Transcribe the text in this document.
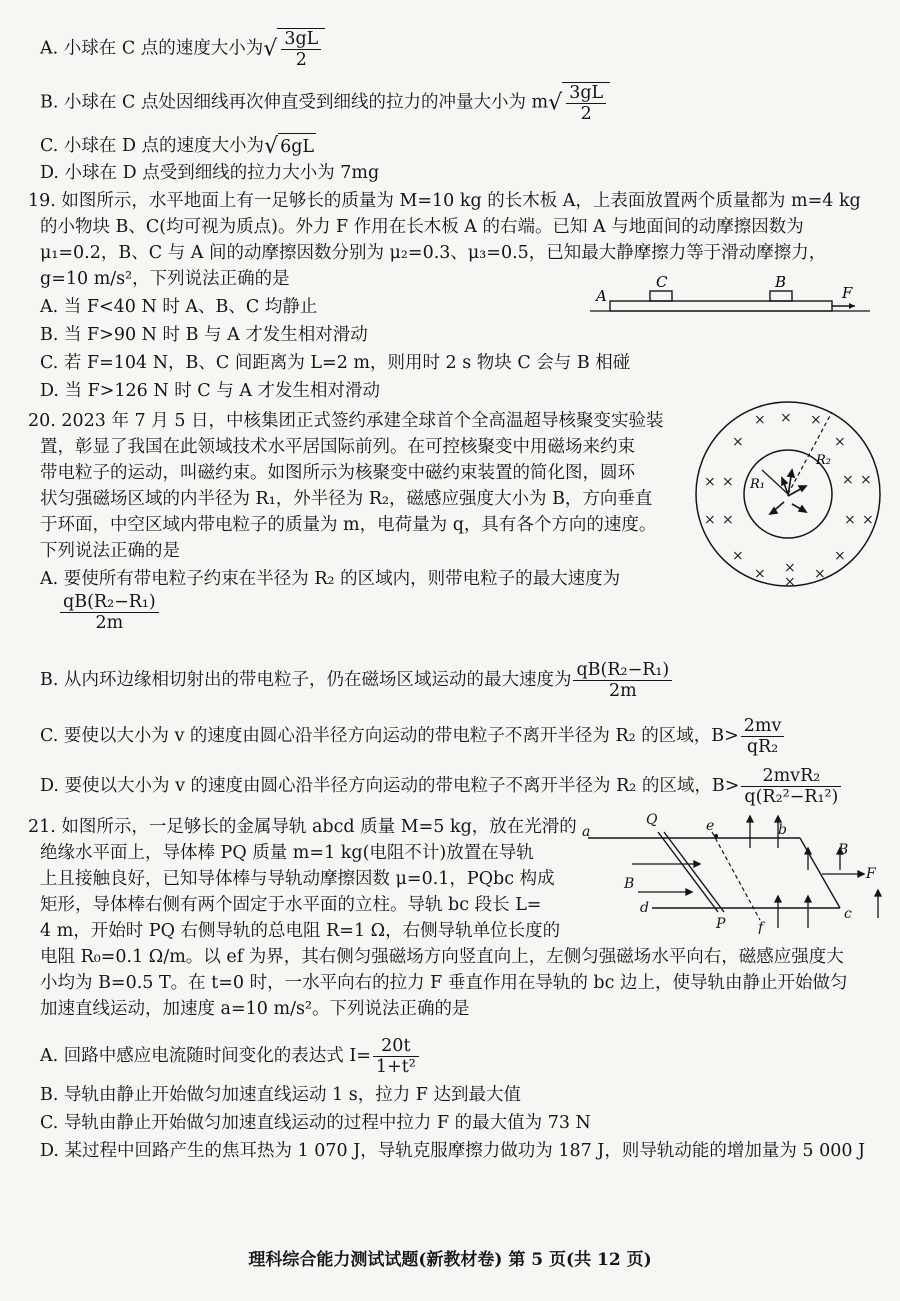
A. 小球在 C 点的速度大小为√ $\frac{3gL}{2}$
B. 小球在 C 点处因细线再次伸直受到细线的拉力的冲量大小为 $m√ \frac{3gL}{2}$
C. 小球在 D 点的速度大小为√ 6gL
D. 小球在 D 点受到细线的拉力大小为 7mg
19. 如图所示，水平地面上有一足够长的质量为 M=10 kg 的长木板 A，上表面放置两个质量都为 m=4 kg
的小物块 B、C(均可视为质点)。外力 F 作用在长木板 A 的右端。已知 A 与地面间的动摩擦因数为
μ₁=0.2，B、C 与 A 间的动摩擦因数分别为 μ₂=0.3、μ₃=0.5，已知最大静摩擦力等于滑动摩擦力，
g=10 m/s²，下列说法正确的是
A. 当 F<40 N 时 A、B、C 均静止
B. 当 F>90 N 时 B 与 A 才发生相对滑动
C. 若 F=104 N，B、C 间距离为 L=2 m，则用时 2 s 物块 C 会与 B 相碰
D. 当 F>126 N 时 C 与 A 才发生相对滑动
A
C	B
F
20. 2023 年 7 月 5 日，中核集团正式签约承建全球首个全高温超导核聚变实验装
置，彰显了我国在此领域技术水平居国际前列。在可控核聚变中用磁场来约束
带电粒子的运动，叫磁约束。如图所示为核聚变中磁约束装置的简化图，圆环
状匀强磁场区域的内半径为 R₁，外半径为 R₂，磁感应强度大小为 B，方向垂直
于环面，中空区域内带电粒子的质量为 m，电荷量为 q，具有各个方向的速度。
下列说法正确的是
A. 要使所有带电粒子约束在半径为 R₂ 的区域内，则带电粒子的最大速度为
$\frac{\text{qB(R₂−R₁)}}{2m}$
B. 从内环边缘相切射出的带电粒子，仍在磁场区域运动的最大速度为 $\frac{\text{qB(R₂−R₁)}}{2m}$
C. 要使以大小为 v 的速度由圆心沿半径方向运动的带电粒子不离开半径为 R₂ 的区域，$B> \frac{2mv}{\text{qR₂}}$
D. 要使以大小为 v 的速度由圆心沿半径方向运动的带电粒子不离开半径为 R₂ 的区域，$B> \frac{\text{2mvR₂}}{\text{q(R₂²−R₁²)}}$
× × ×
×	×
× ×	× ×
× ×	× ×
×	×
× ×
× ×
R₁
R₂
21. 如图所示，一足够长的金属导轨 abcd 质量 M=5 kg，放在光滑的
绝缘水平面上，导体棒 PQ 质量 m=1 kg(电阻不计)放置在导轨
上且接触良好，已知导体棒与导轨动摩擦因数 μ=0.1，PQbc 构成
矩形，导体棒右侧有两个固定于水平面的立柱。导轨 bc 段长 L=
4 m，开始时 PQ 右侧导轨的总电阻 R=1 Ω，右侧导轨单位长度的
电阻 R₀=0.1 Ω/m。以 ef 为界，其右侧匀强磁场方向竖直向上，左侧匀强磁场水平向右，磁感应强度大
小均为 B=0.5 T。在 t=0 时，一水平向右的拉力 F 垂直作用在导轨的 bc 边上，使导轨由静止开始做匀
加速直线运动，加速度 a=10 m/s²。下列说法正确的是
A. 回路中感应电流随时间变化的表达式 $I= \frac{20t}{\text{1+t²}}$
B. 导轨由静止开始做匀加速直线运动 1 s，拉力 F 达到最大值
C. 导轨由静止开始做匀加速直线运动的过程中拉力 F 的最大值为 73 N
D. 某过程中回路产生的焦耳热为 1 070 J，导轨克服摩擦力做功为 187 J，则导轨动能的增加量为 5 000 J
a	b
c
d
e
f
P
Q
B
B
F
理科综合能力测试试题(新教材卷) 第 5 页(共 12 页)
